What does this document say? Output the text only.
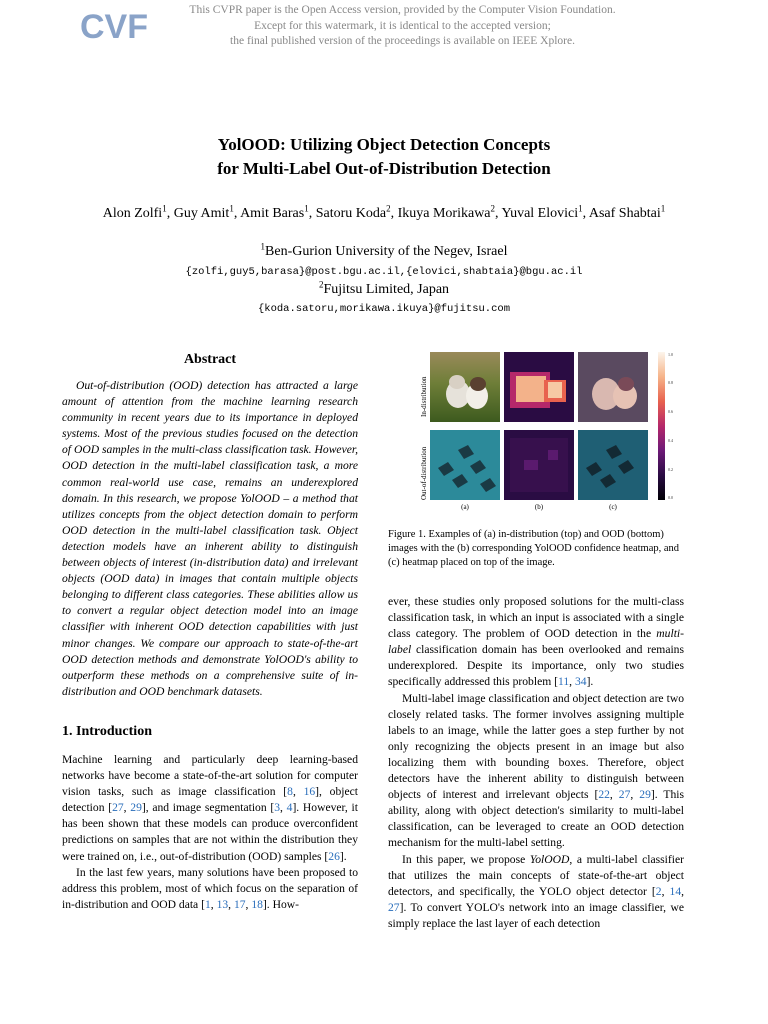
CVF	This CVPR paper is the Open Access version, provided by the Computer Vision Foundation.
Except for this watermark, it is identical to the accepted version;
the final published version of the proceedings is available on IEEE Xplore.
YolOOD: Utilizing Object Detection Concepts
for Multi-Label Out-of-Distribution Detection
Alon Zolfi$^1$, Guy Amit$^1$, Amit Baras$^1$, Satoru Koda$^2$, Ikuya Morikawa$^2$, Yuval Elovici$^1$, Asaf Shabtai$^1$
$^1$Ben-Gurion University of the Negev, Israel
{zolfi,guy5,barasa}@post.bgu.ac.il,{elovici,shabtaia}@bgu.ac.il
$^2$Fujitsu Limited, Japan
{koda.satoru,morikawa.ikuya}@fujitsu.com
Abstract

Out-of-distribution (OOD) detection has attracted a large amount of attention from the machine learning research community in recent years due to its importance in deployed systems. Most of the previous studies focused on the detection of OOD samples in the multi-class classification task. However, OOD detection in the multi-label classification task, a more common real-world use case, remains an underexplored domain. In this research, we propose YolOOD – a method that utilizes concepts from the object detection domain to perform OOD detection in the multi-label classification task. Object detection models have an inherent ability to distinguish between objects of interest (in-distribution data) and irrelevant objects (OOD data) in images that contain multiple objects belonging to different class categories. These abilities allow us to convert a regular object detection model into an image classifier with inherent OOD detection capabilities with just minor changes. We compare our approach to state-of-the-art OOD detection methods and demonstrate YolOOD's ability to outperform these methods on a comprehensive suite of in-distribution and OOD benchmark datasets.

1. Introduction

Machine learning and particularly deep learning-based networks have become a state-of-the-art solution for computer vision tasks, such as image classification [8, 16], object detection [27, 29], and image segmentation [3, 4]. However, it has been shown that these models can produce overconfident predictions on samples that are not within the distribution they were trained on, i.e., out-of-distribution (OOD) samples [26].

In the last few years, many solutions have been proposed to address this problem, most of which focus on the separation of in-distribution and OOD data [1, 13, 17, 18]. How-

In-distribution
Out-of-distribution
(a)	(b)	(c)
1.0
0.8
0.6
0.4
0.2
0.0
Figure 1. Examples of (a) in-distribution (top) and OOD (bottom) images with the (b) corresponding YolOOD confidence heatmap, and (c) heatmap placed on top of the image.

ever, these studies only proposed solutions for the multi-class classification task, in which an input is associated with a single class category. The problem of OOD detection in the multi-label classification domain has been overlooked and remains underexplored. Despite its importance, only two studies specifically addressed this problem [11, 34].

Multi-label image classification and object detection are two closely related tasks. The former involves assigning multiple labels to an image, while the latter goes a step further by not only recognizing the objects present in an image but also localizing them with bounding boxes. Therefore, object detectors have the inherent ability to distinguish between objects of interest and irrelevant objects [22, 27, 29]. This ability, along with object detection's similarity to multi-label classification, can be leveraged to create an OOD detection mechanism for the multi-label setting.

In this paper, we propose YolOOD, a multi-label classifier that utilizes the main concepts of state-of-the-art object detectors, and specifically, the YOLO object detector [2, 14, 27]. To convert YOLO's network into an image classifier, we simply replace the last layer of each detection
